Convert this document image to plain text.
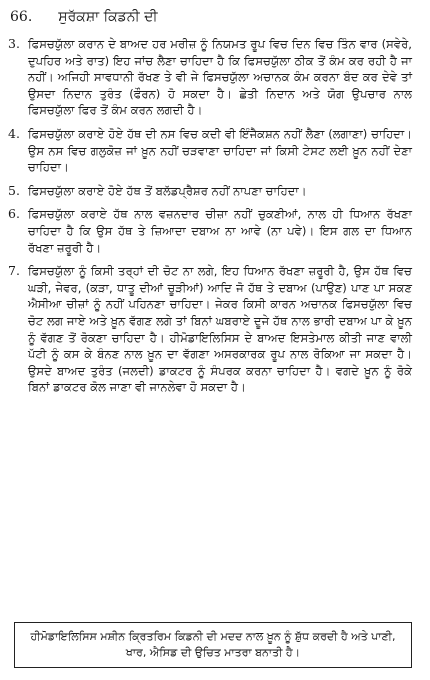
66. ਸੁਰੱਕਸ਼ਾ ਕਿਡਨੀ ਦੀ
3. ਫਿਸਚਯੁੱਲਾ ਕਰਾਨ ਦੇ ਬਾਅਦ ਹਰ ਮਰੀਜ਼ ਨੂੰ ਨਿਯਮਤ ਰੂਪ ਵਿਚ ਦਿਨ ਵਿਚ ਤਿੰਨ ਵਾਰ (ਸਵੇਰੇ, ਦੁਪਹਿਰ ਅਤੇ ਰਾਤ) ਇਹ ਜਾਂਚ ਲੈਣਾ ਚਾਹਿਦਾ ਹੈ ਕਿ ਫਿਸਚਯੁੱਲਾ ਠੀਕ ਤੋਂ ਕੰਮ ਕਰ ਰਹੀ ਹੈ ਜਾ ਨਹੀਂ। ਅਜਿਹੀ ਸਾਵਧਾਨੀ ਰੱਖਣ ਤੇ ਵੀ ਜੇ ਫਿਸਚਯੁੱਲਾ ਅਚਾਨਕ ਕੰਮ ਕਰਨਾ ਬੰਦ ਕਰ ਦੇਵੇ ਤਾਂ ਉਸਦਾ ਨਿਦਾਨ ਤੁਰੰਤ (ਫੌਰਨ) ਹੋ ਸਕਦਾ ਹੈ। ਛੇਤੀ ਨਿਦਾਨ ਅਤੇ ਯੋਗ ਉਪਚਾਰ ਨਾਲ ਫਿਸਚਯੁੱਲਾ ਫਿਰ ਤੋਂ ਕੰਮ ਕਰਨ ਲਗਦੀ ਹੈ।

4. ਫਿਸਚਯੁੱਲਾ ਕਰਾਏ ਹੋਏ ਹੱਥ ਦੀ ਨਸ ਵਿਚ ਕਦੀ ਵੀ ਇੰਜੈਕਸ਼ਨ ਨਹੀਂ ਲੈਣਾ (ਲਗਾਣਾ) ਚਾਹਿਦਾ। ਉਸ ਨਸ ਵਿਚ ਗਲੁਕੋਜ਼ ਜਾਂ ਖ਼ੂਨ ਨਹੀਂ ਚੜਵਾਣਾ ਚਾਹਿਦਾ ਜਾਂ ਕਿਸੀ ਟੇਸਟ ਲਈ ਖ਼ੂਨ ਨਹੀਂ ਦੇਣਾ ਚਾਹਿਦਾ।

5. ਫਿਸਚਯੁੱਲਾ ਕਰਾਏ ਹੋਏ ਹੱਥ ਤੋਂ ਬਲੱਡਪ੍ਰੈਸ਼ਰ ਨਹੀਂ ਨਾਪਣਾ ਚਾਹਿਦਾ।

6. ਫਿਸਚਯੁੱਲਾ ਕਰਾਏ ਹੱਥ ਨਾਲ ਵਜ਼ਨਦਾਰ ਚੀਜ਼ਾ ਨਹੀਂ ਚੁਕਣੀਆਂ, ਨਾਲ ਹੀ ਧਿਆਨ ਰੱਖਣਾ ਚਾਹਿਦਾ ਹੈ ਕਿ ਉਸ ਹੱਥ ਤੇ ਜ਼ਿਆਦਾ ਦਬਾਅ ਨਾ ਆਵੇ (ਨਾ ਪਵੇ)। ਇਸ ਗਲ ਦਾ ਧਿਆਨ ਰੱਖਣਾ ਜ਼ਰੂਰੀ ਹੈ।

7. ਫਿਸਚਯੁੱਲਾ ਨੂੰ ਕਿਸੀ ਤਰ੍ਹਾਂ ਦੀ ਚੋਟ ਨਾ ਲਗੇ, ਇਹ ਧਿਆਨ ਰੱਖਣਾ ਜ਼ਰੂਰੀ ਹੈ, ਉਸ ਹੱਥ ਵਿਚ ਘੜੀ, ਜੇਵਰ, (ਕੜਾ, ਧਾਤੂ ਦੀਆਂ ਚੂੜੀਆਂ) ਆਦਿ ਜੋ ਹੱਥ ਤੇ ਦਬਾਅ (ਪਾਉਣ) ਪਾਣ ਪਾ ਸਕਣ ਐਸੀਆ ਚੀਜ਼ਾਂ ਨੂੰ ਨਹੀਂ ਪਹਿਨਣਾ ਚਾਹਿਦਾ। ਜੇਕਰ ਕਿਸੀ ਕਾਰਨ ਅਚਾਨਕ ਫਿਸਚਯੁੱਲਾ ਵਿਚ ਚੋਟ ਲਗ ਜਾਏ ਅਤੇ ਖ਼ੂਨ ਵੱਗਣ ਲਗੇ ਤਾਂ ਬਿਨਾਂ ਘਬਰਾਏ ਦੂਜੇ ਹੱਥ ਨਾਲ ਭਾਰੀ ਦਬਾਅ ਪਾ ਕੇ ਖ਼ੂਨ ਨੂੰ ਵੱਗਣ ਤੋਂ ਰੋਕਣਾ ਚਾਹਿਦਾ ਹੈ। ਹੀਮੋਡਾਇਲਿਸਿਸ ਦੇ ਬਾਅਦ ਇਸਤੇਮਾਲ ਕੀਤੀ ਜਾਣ ਵਾਲੀ ਪੱਟੀ ਨੂੰ ਕਸ ਕੇ ਬੰਨਣ ਨਾਲ ਖ਼ੂਨ ਦਾ ਵੱਗਣਾ ਅਸਰਕਾਰਕ ਰੂਪ ਨਾਲ ਰੋਕਿਆ ਜਾ ਸਕਦਾ ਹੈ।ਉਸਦੇ ਬਾਅਦ ਤੁਰੰਤ (ਜਲਦੀ) ਡਾਕਟਰ ਨੂੰ ਸੰਪਰਕ ਕਰਨਾ ਚਾਹਿਦਾ ਹੈ। ਵਗਦੇ ਖ਼ੂਨ ਨੂੰ ਰੋਕੇ ਬਿਨਾਂ ਡਾਕਟਰ ਕੋਲ ਜਾਣਾ ਵੀ ਜਾਨਲੇਵਾ ਹੋ ਸਕਦਾ ਹੈ।

ਹੀਮੋਡਾਇਲਿਸਿਸ ਮਸ਼ੀਨ ਕ੍ਰਿਤਰਿਮ ਕਿਡਨੀ ਦੀ ਮਦਦ ਨਾਲ ਖ਼ੂਨ ਨੂੰ ਸ਼ੁੱਧ ਕਰਦੀ ਹੈ ਅਤੇ ਪਾਣੀ, ਖਾਰ, ਐਸਿਡ ਦੀ ਉਚਿਤ ਮਾਤਰਾ ਬਨਾਤੀ ਹੈ।
